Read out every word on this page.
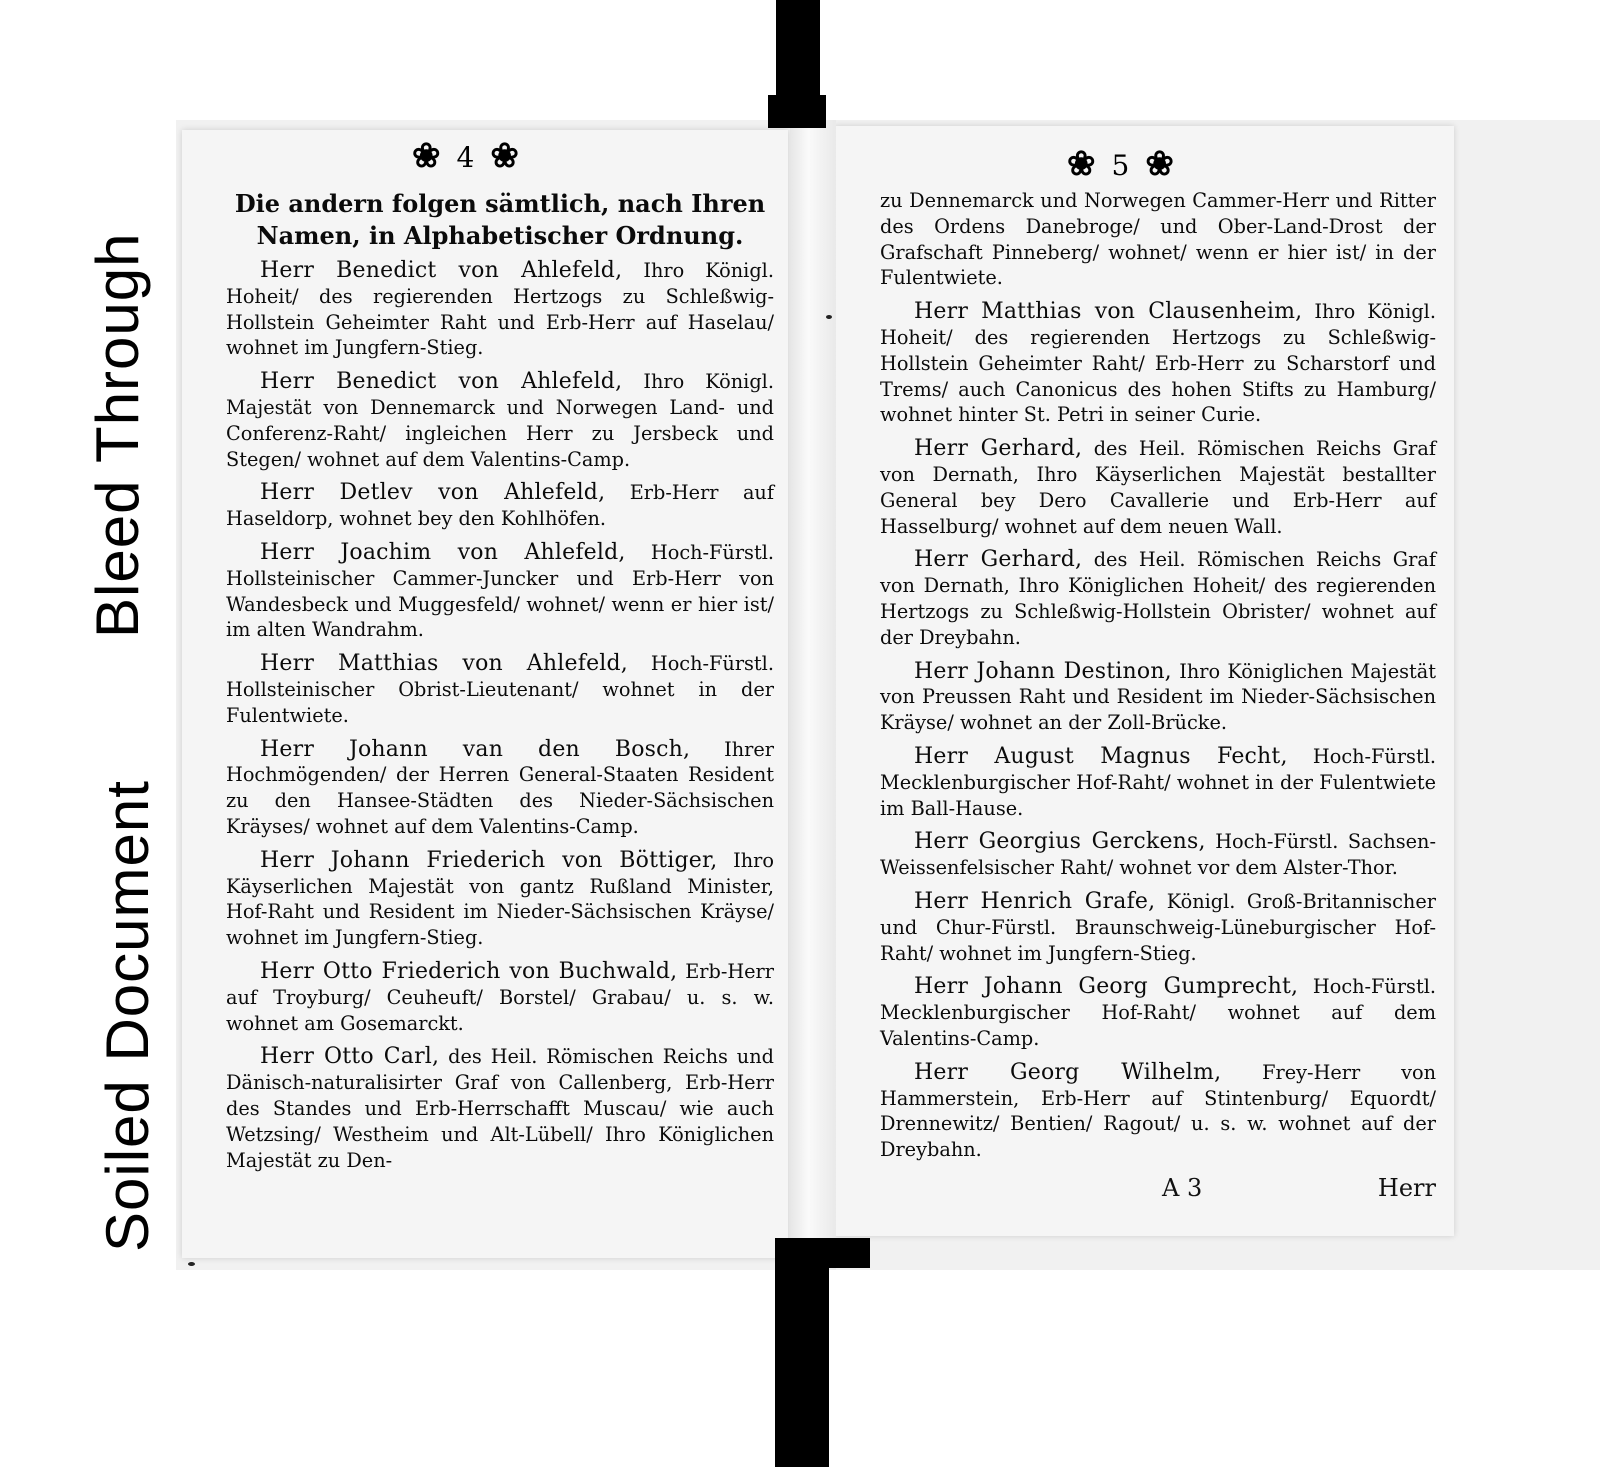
Soiled Document
Bleed Through
❀ 4 ❀
Die andern folgen sämtlich, nach Ihren Namen, in Alphabetischer Ordnung.

Herr Benedict von Ahlefeld, Ihro Königl. Hoheit/ des regierenden Hertzogs zu Schleßwig-Hollstein Geheimter Raht und Erb-Herr auf Haselau/ wohnet im Jungfern-Stieg.

Herr Benedict von Ahlefeld, Ihro Königl. Majestät von Dennemarck und Norwegen Land- und Conferenz-Raht/ ingleichen Herr zu Jersbeck und Stegen/ wohnet auf dem Valentins-Camp.

Herr Detlev von Ahlefeld, Erb-Herr auf Haseldorp, wohnet bey den Kohlhöfen.

Herr Joachim von Ahlefeld, Hoch-Fürstl. Hollsteinischer Cammer-Juncker und Erb-Herr von Wandesbeck und Muggesfeld/ wohnet/ wenn er hier ist/ im alten Wandrahm.

Herr Matthias von Ahlefeld, Hoch-Fürstl. Hollsteinischer Obrist-Lieutenant/ wohnet in der Fulentwiete.

Herr Johann van den Bosch, Ihrer Hochmögenden/ der Herren General-Staaten Resident zu den Hansee-Städten des Nieder-Sächsischen Kräyses/ wohnet auf dem Valentins-Camp.

Herr Johann Friederich von Böttiger, Ihro Käyserlichen Majestät von gantz Rußland Minister, Hof-Raht und Resident im Nieder-Sächsischen Kräyse/ wohnet im Jungfern-Stieg.

Herr Otto Friederich von Buchwald, Erb-Herr auf Troyburg/ Ceuheuft/ Borstel/ Grabau/ u. s. w. wohnet am Gosemarckt.

Herr Otto Carl, des Heil. Römischen Reichs und Dänisch-naturalisirter Graf von Callenberg, Erb-Herr des Standes und Erb-Herrschafft Muscau/ wie auch Wetzsing/ Westheim und Alt-Lübell/ Ihro Königlichen Majestät zu Den-

❀ 5 ❀

zu Dennemarck und Norwegen Cammer-Herr und Ritter des Ordens Danebroge/ und Ober-Land-Drost der Grafschaft Pinneberg/ wohnet/ wenn er hier ist/ in der Fulentwiete.

Herr Matthias von Clausenheim, Ihro Königl. Hoheit/ des regierenden Hertzogs zu Schleßwig-Hollstein Geheimter Raht/ Erb-Herr zu Scharstorf und Trems/ auch Canonicus des hohen Stifts zu Hamburg/ wohnet hinter St. Petri in seiner Curie.

Herr Gerhard, des Heil. Römischen Reichs Graf von Dernath, Ihro Käyserlichen Majestät bestallter General bey Dero Cavallerie und Erb-Herr auf Hasselburg/ wohnet auf dem neuen Wall.

Herr Gerhard, des Heil. Römischen Reichs Graf von Dernath, Ihro Königlichen Hoheit/ des regierenden Hertzogs zu Schleßwig-Hollstein Obrister/ wohnet auf der Dreybahn.

Herr Johann Destinon, Ihro Königlichen Majestät von Preussen Raht und Resident im Nieder-Sächsischen Kräyse/ wohnet an der Zoll-Brücke.

Herr August Magnus Fecht, Hoch-Fürstl. Mecklenburgischer Hof-Raht/ wohnet in der Fulentwiete im Ball-Hause.

Herr Georgius Gerckens, Hoch-Fürstl. Sachsen-Weissenfelsischer Raht/ wohnet vor dem Alster-Thor.

Herr Henrich Grafe, Königl. Groß-Britannischer und Chur-Fürstl. Braunschweig-Lüneburgischer Hof-Raht/ wohnet im Jungfern-Stieg.

Herr Johann Georg Gumprecht, Hoch-Fürstl. Mecklenburgischer Hof-Raht/ wohnet auf dem Valentins-Camp.

Herr Georg Wilhelm, Frey-Herr von Hammerstein, Erb-Herr auf Stintenburg/ Equordt/ Drennewitz/ Bentien/ Ragout/ u. s. w. wohnet auf der Dreybahn.

A 3	Herr
